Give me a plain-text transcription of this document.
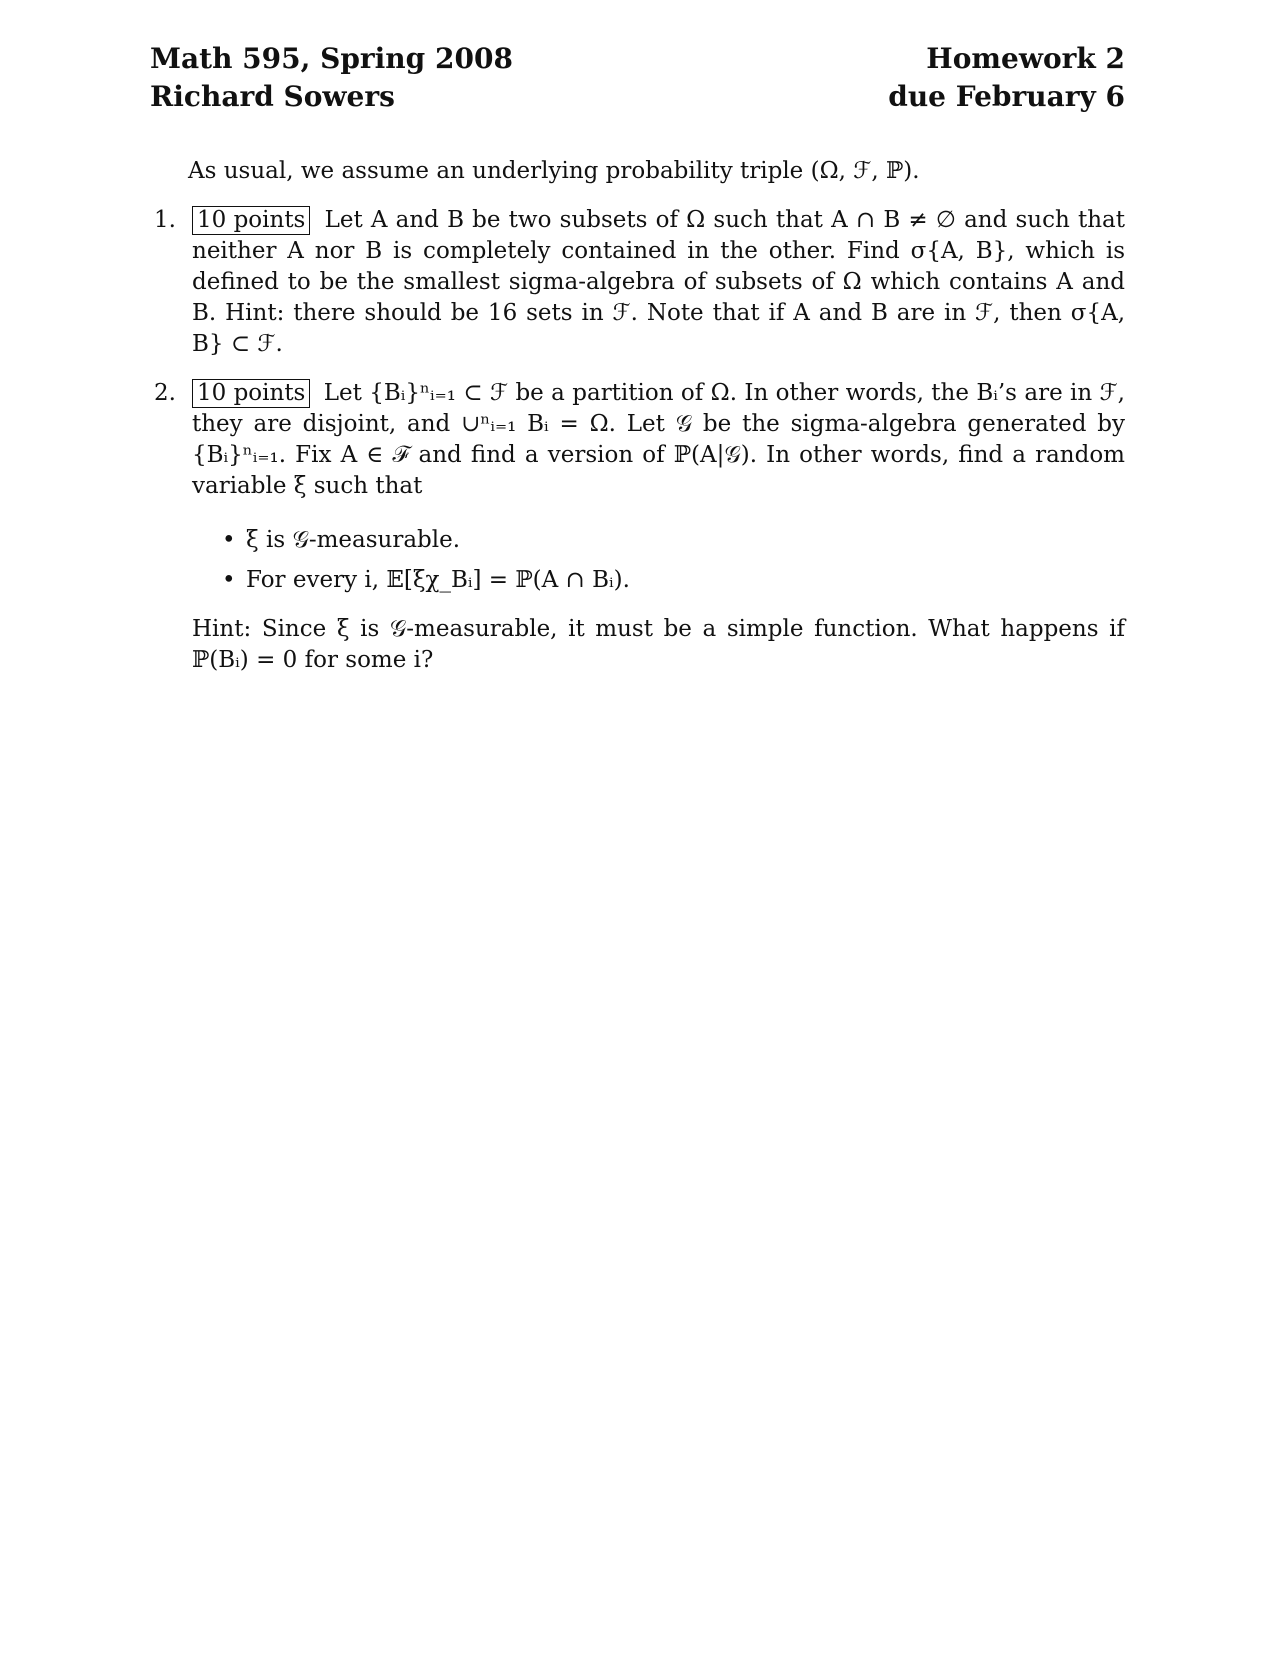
Math 595, Spring 2008
Richard Sowers
Homework 2
due February 6
As usual, we assume an underlying probability triple (Ω, ℱ, ℙ).
1. 10 points Let A and B be two subsets of Ω such that A ∩ B ≠ ∅ and such that neither A nor B is completely contained in the other. Find σ{A, B}, which is defined to be the smallest sigma-algebra of subsets of Ω which contains A and B. Hint: there should be 16 sets in ℱ. Note that if A and B are in ℱ, then σ{A, B} ⊂ ℱ.
2. 10 points Let {Bᵢ}ⁿᵢ₌₁ ⊂ ℱ be a partition of Ω. In other words, the Bᵢ’s are in ℱ, they are disjoint, and ∪ⁿᵢ₌₁ Bᵢ = Ω. Let 𝒢 be the sigma-algebra generated by {Bᵢ}ⁿᵢ₌₁. Fix A ∈ ℱ and find a version of ℙ(A|𝒢). In other words, find a random variable ξ such that
• ξ is 𝒢-measurable.
• For every i, 𝔼[ξχ_Bᵢ] = ℙ(A ∩ Bᵢ).
Hint: Since ξ is 𝒢-measurable, it must be a simple function. What happens if ℙ(Bᵢ) = 0 for some i?
